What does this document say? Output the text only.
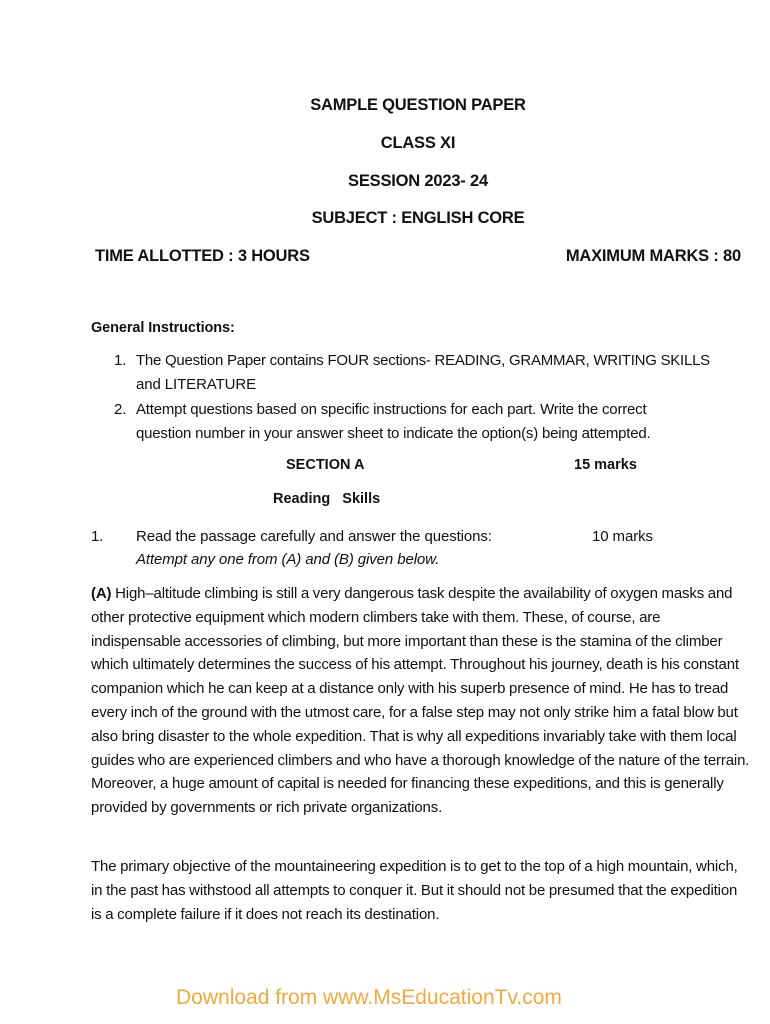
SAMPLE QUESTION PAPER
CLASS XI
SESSION 2023- 24
SUBJECT : ENGLISH CORE
TIME ALLOTTED : 3 HOURS	MAXIMUM MARKS : 80
General Instructions:
1. The Question Paper contains FOUR sections- READING, GRAMMAR, WRITING SKILLS
and LITERATURE
2. Attempt questions based on specific instructions for each part. Write the correct
question number in your answer sheet to indicate the option(s) being attempted.
SECTION A	15 marks
Reading   Skills
1. Read the passage carefully and answer the questions:	10 marks
Attempt any one from (A) and (B) given below.
(A) High–altitude climbing is still a very dangerous task despite the availability of oxygen masks and other protective equipment which modern climbers take with them. These, of course, are indispensable accessories of climbing, but more important than these is the stamina of the climber which ultimately determines the success of his attempt. Throughout his journey, death is his constant companion which he can keep at a distance only with his superb presence of mind. He has to tread every inch of the ground with the utmost care, for a false step may not only strike him a fatal blow but also bring disaster to the whole expedition. That is why all expeditions invariably take with them local guides who are experienced climbers and who have a thorough knowledge of the nature of the terrain. Moreover, a huge amount of capital is needed for financing these expeditions, and this is generally provided by governments or rich private organizations.
The primary objective of the mountaineering expedition is to get to the top of a high mountain, which, in the past has withstood all attempts to conquer it. But it should not be presumed that the expedition is a complete failure if it does not reach its destination.
Download from www.MsEducationTv.com
